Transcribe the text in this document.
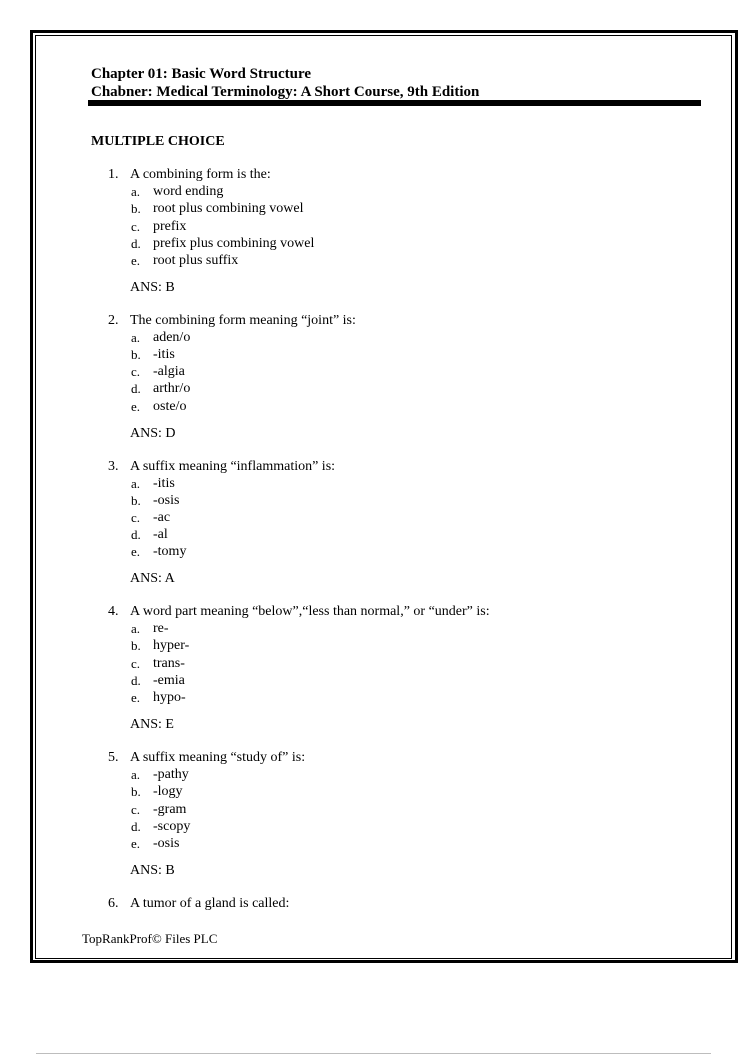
Chapter 01: Basic Word Structure
Chabner: Medical Terminology: A Short Course, 9th Edition
MULTIPLE CHOICE
1. A combining form is the:
a. word ending
b. root plus combining vowel
c. prefix
d. prefix plus combining vowel
e. root plus suffix
ANS: B
2. The combining form meaning “joint” is:
a. aden/o
b. -itis
c. -algia
d. arthr/o
e. oste/o
ANS: D
3. A suffix meaning “inflammation” is:
a. -itis
b. -osis
c. -ac
d. -al
e. -tomy
ANS: A
4. A word part meaning “below”,“less than normal,” or “under” is:
a. re-
b. hyper-
c. trans-
d. -emia
e. hypo-
ANS: E
5. A suffix meaning “study of” is:
a. -pathy
b. -logy
c. -gram
d. -scopy
e. -osis
ANS: B
6. A tumor of a gland is called:
TopRankProf© Files PLC
